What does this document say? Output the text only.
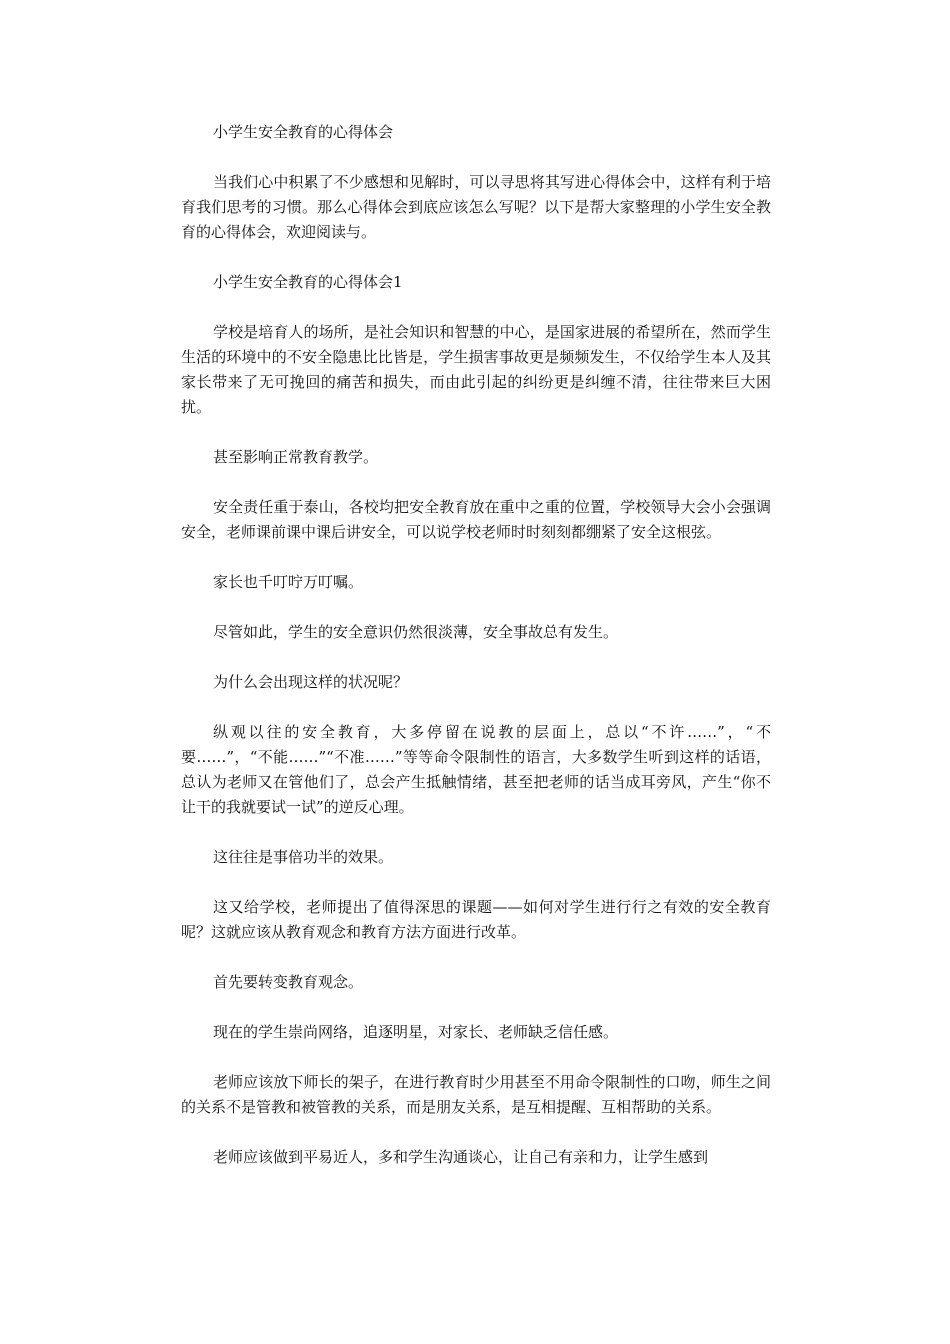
小学生安全教育的心得体会

当我们心中积累了不少感想和见解时，可以寻思将其写进心得体会中，这样有利于培育我们思考的习惯。那么心得体会到底应该怎么写呢？以下是帮大家整理的小学生安全教育的心得体会，欢迎阅读与。

小学生安全教育的心得体会1

学校是培育人的场所，是社会知识和智慧的中心，是国家进展的希望所在，然而学生生活的环境中的不安全隐患比比皆是，学生损害事故更是频频发生，不仅给学生本人及其家长带来了无可挽回的痛苦和损失，而由此引起的纠纷更是纠缠不清，往往带来巨大困扰。

甚至影响正常教育教学。

安全责任重于泰山，各校均把安全教育放在重中之重的位置，学校领导大会小会强调安全，老师课前课中课后讲安全，可以说学校老师时时刻刻都绷紧了安全这根弦。

家长也千叮咛万叮嘱。

尽管如此，学生的安全意识仍然很淡薄，安全事故总有发生。

为什么会出现这样的状况呢？

纵观以往的安全教育，大多停留在说教的层面上，总以“不许……”，“不要……”，“不能……”“不准……”等等命令限制性的语言，大多数学生听到这样的话语，总认为老师又在管他们了，总会产生抵触情绪，甚至把老师的话当成耳旁风，产生“你不让干的我就要试一试”的逆反心理。

这往往是事倍功半的效果。

这又给学校，老师提出了值得深思的课题——如何对学生进行行之有效的安全教育呢？这就应该从教育观念和教育方法方面进行改革。

首先要转变教育观念。

现在的学生崇尚网络，追逐明星，对家长、老师缺乏信任感。

老师应该放下师长的架子，在进行教育时少用甚至不用命令限制性的口吻，师生之间的关系不是管教和被管教的关系，而是朋友关系，是互相提醒、互相帮助的关系。

老师应该做到平易近人，多和学生沟通谈心，让自己有亲和力，让学生感到
